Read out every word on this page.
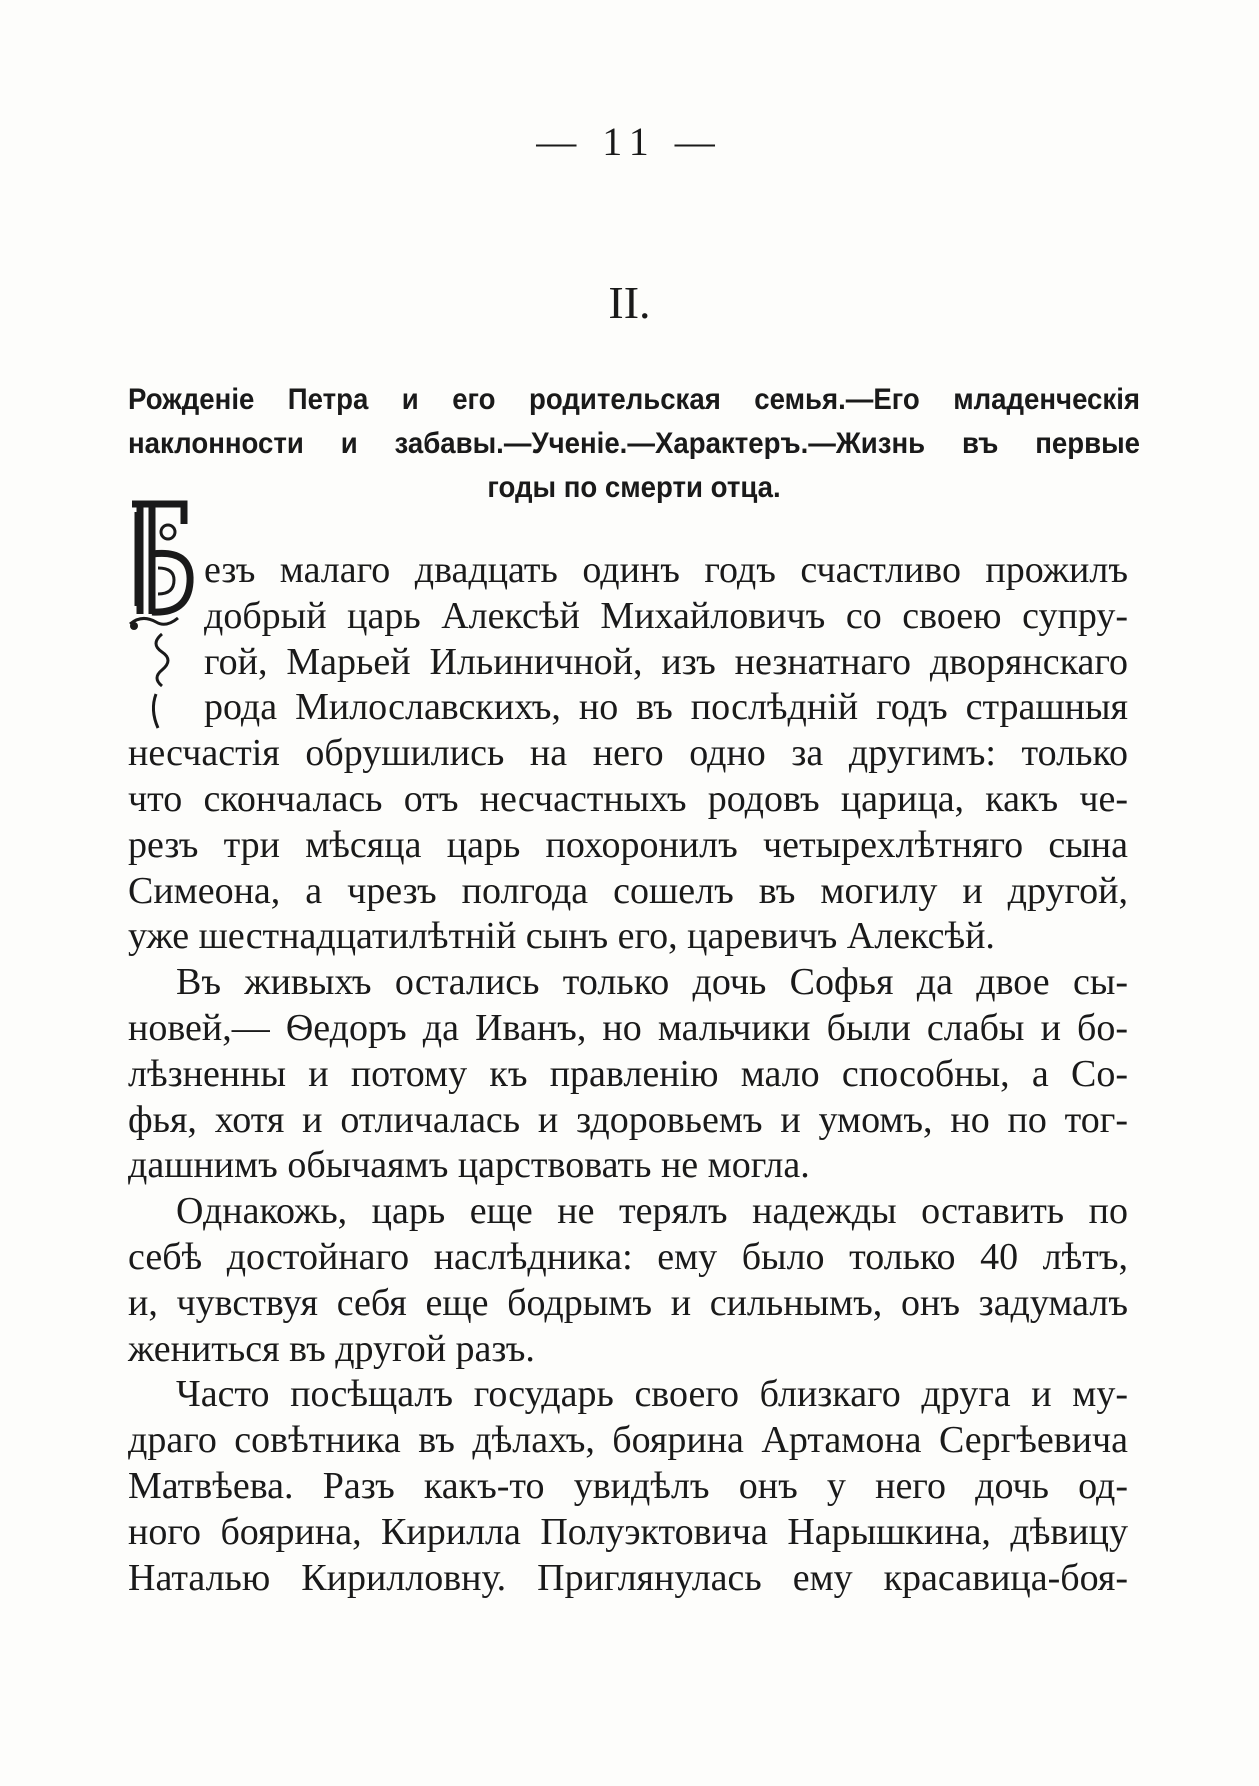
— 11 —
II.
Рожденіе Петра и его родительская семья.—Его младенческія
наклонности и забавы.—Ученіе.—Характеръ.—Жизнь въ первые
годы по смерти отца.
езъ малаго двадцать одинъ годъ счастливо прожилъ
добрый царь Алексѣй Михайловичъ со своею супру-
гой, Марьей Ильиничной, изъ незнатнаго дворянскаго
рода Милославскихъ, но въ послѣдній годъ страшныя
несчастія обрушились на него одно за другимъ: только
что скончалась отъ несчастныхъ родовъ царица, какъ че-
резъ три мѣсяца царь похоронилъ четырехлѣтняго сына
Симеона, а чрезъ полгода сошелъ въ могилу и другой,
уже шестнадцатилѣтній сынъ его, царевичъ Алексѣй.
Въ живыхъ остались только дочь Софья да двое сы-
новей,— Ѳедоръ да Иванъ, но мальчики были слабы и бо-
лѣзненны и потому къ правленію мало способны, а Со-
фья, хотя и отличалась и здоровьемъ и умомъ, но по тог-
дашнимъ обычаямъ царствовать не могла.
Однакожь, царь еще не терялъ надежды оставить по
себѣ достойнаго наслѣдника: ему было только 40 лѣтъ,
и, чувствуя себя еще бодрымъ и сильнымъ, онъ задумалъ
жениться въ другой разъ.
Часто посѣщалъ государь своего близкаго друга и му-
драго совѣтника въ дѣлахъ, боярина Артамона Сергѣевича
Матвѣева. Разъ какъ-то увидѣлъ онъ у него дочь од-
ного боярина, Кирилла Полуэктовича Нарышкина, дѣвицу
Наталью Кирилловну. Приглянулась ему красавица-боя-
